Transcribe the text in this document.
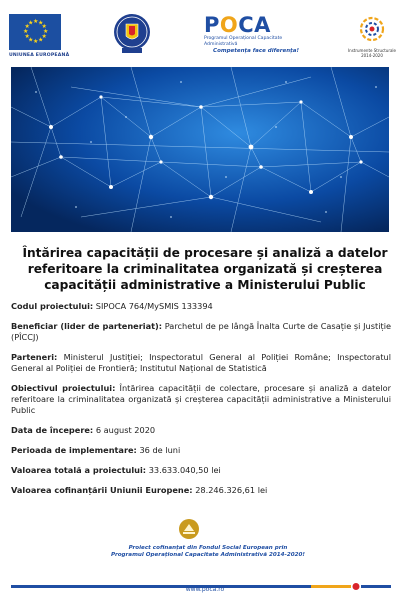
★ ★
★
★
★
★
★
★
★
★
★
★
UNIUNEA EUROPEANĂ
POCA
Programul Operațional Capacitate Administrativă
Competența face diferența!	Instrumente Structurale 2014-2020
Întărirea capacității de procesare și analiză a datelor referitoare la criminalitatea organizată și creșterea capacității administrative a Ministerului Public

Codul proiectului: SIPOCA 764/MySMIS 133394

Beneficiar (lider de parteneriat): Parchetul de pe lângă Înalta Curte de Casație și Justiție (PÎCCJ)

Parteneri: Ministerul Justiției; Inspectoratul General al Poliției Române; Inspectoratul General al Poliției de Frontieră; Institutul Național de Statistică

Obiectivul proiectului: Întărirea capacității de colectare, procesare și analiză a datelor referitoare la criminalitatea organizată și creșterea capacității administrative a Ministerului Public

Data de începere: 6 august 2020

Perioada de implementare: 36 de luni

Valoarea totală a proiectului: 33.633.040,50 lei

Valoarea cofinanțării Uniunii Europene: 28.246.326,61 lei

Proiect cofinanțat din Fondul Social European prin
Programul Operațional Capacitate Administrativă 2014-2020!
www.poca.ro
